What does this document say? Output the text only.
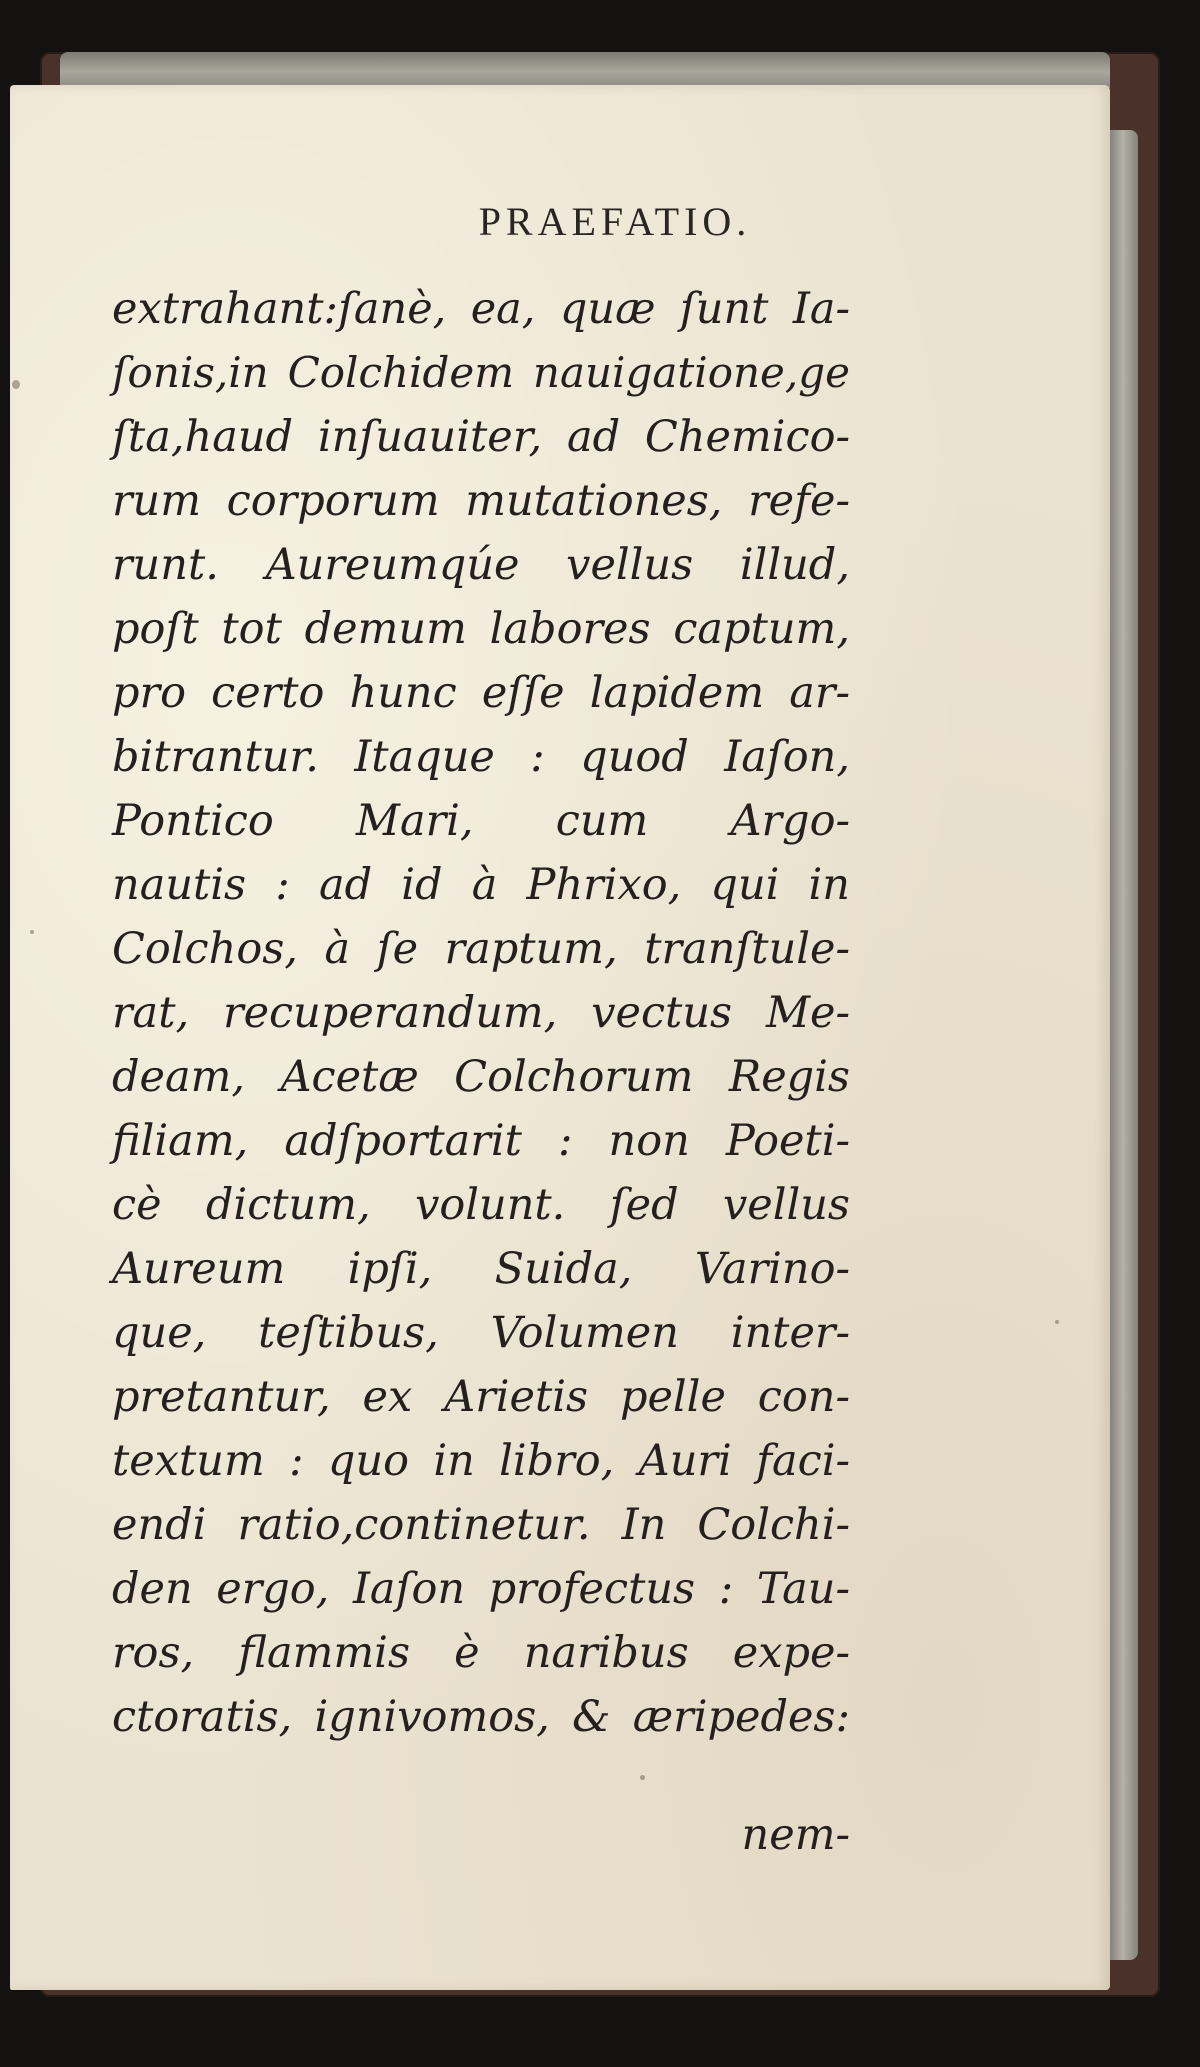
PRAEFATIO.
extrahant:ſanè, ea, quæ ſunt Ia-
ſonis,in Colchidem nauigatione,ge
ſta,haud inſuauiter, ad Chemico-
rum corporum mutationes, refe-
runt. Aureumqúe vellus illud,
poſt tot demum labores captum,
pro certo hunc eſſe lapidem ar-
bitrantur. Itaque : quod Iaſon,
Pontico Mari, cum Argo-
nautis : ad id à Phrixo, qui in
Colchos, à ſe raptum, tranſtule-
rat, recuperandum, vectus Me-
deam, Acetæ Colchorum Regis
filiam, adſportarit : non Poeti-
cè dictum, volunt. ſed vellus
Aureum ipſi, Suida, Varino-
que, teſtibus, Volumen inter-
pretantur, ex Arietis pelle con-
textum : quo in libro, Auri faci-
endi ratio,continetur. In Colchi-
den ergo, Iaſon profectus : Tau-
ros, flammis è naribus expe-
ctoratis, ignivomos, & æripedes:
nem-
